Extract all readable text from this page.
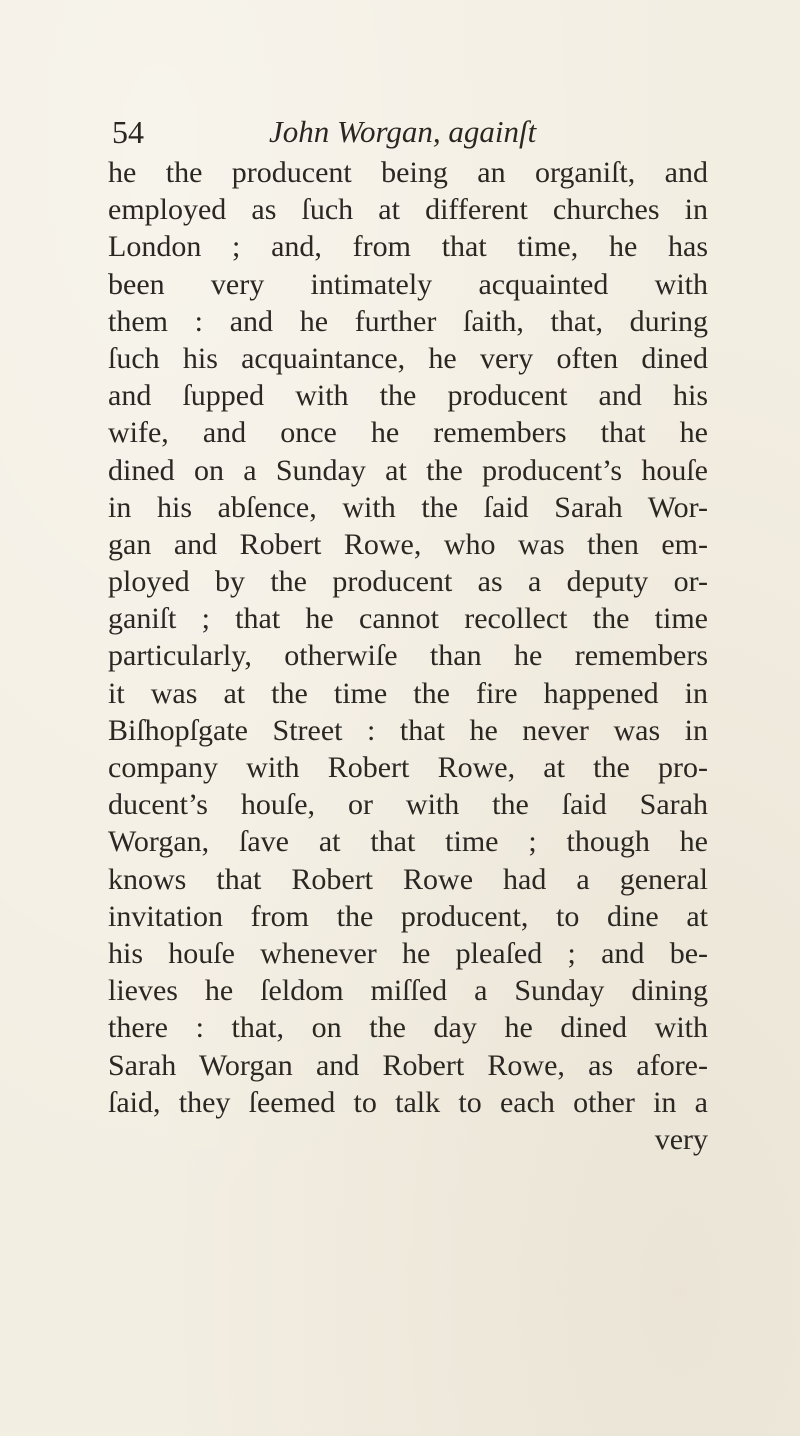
54	John Worgan, againſt
he the producent being an organiſt, and
employed as ſuch at different churches in
London ; and, from that time, he has
been very intimately acquainted with
them : and he further ſaith, that, during
ſuch his acquaintance, he very often dined
and ſupped with the producent and his
wife, and once he remembers that he
dined on a Sunday at the producent’s houſe
in his abſence, with the ſaid Sarah Wor-
gan and Robert Rowe, who was then em-
ployed by the producent as a deputy or-
ganiſt ; that he cannot recollect the time
particularly, otherwiſe than he remembers
it was at the time the fire happened in
Biſhopſgate Street : that he never was in
company with Robert Rowe, at the pro-
ducent’s houſe, or with the ſaid Sarah
Worgan, ſave at that time ; though he
knows that Robert Rowe had a general
invitation from the producent, to dine at
his houſe whenever he pleaſed ; and be-
lieves he ſeldom miſſed a Sunday dining
there : that, on the day he dined with
Sarah Worgan and Robert Rowe, as afore-
ſaid, they ſeemed to talk to each other in a
very
